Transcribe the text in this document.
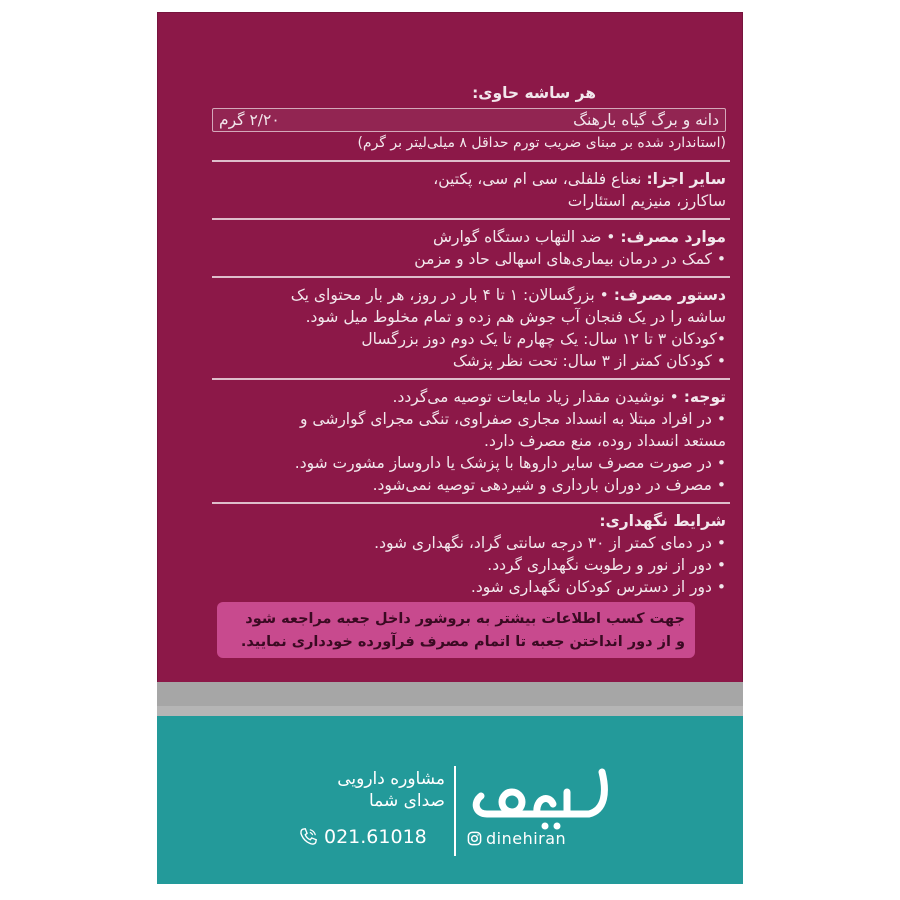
هر ساشه حاوی:
دانه و برگ گیاه بارهنگ
۲/۲۰ گرم
(استاندارد شده بر مبنای ضریب تورم حداقل ۸ میلی‌لیتر بر گرم)
سایر اجزا: نعناع فلفلی، سی ام سی، پکتین،
ساکارز، منیزیم استئارات
موارد مصرف: • ضد التهاب دستگاه گوارش
• کمک در درمان بیماری‌های اسهالی حاد و مزمن
دستور مصرف: • بزرگسالان: ۱ تا ۴ بار در روز، هر بار محتوای یک
ساشه را در یک فنجان آب جوش هم زده و تمام مخلوط میل شود.
•کودکان ۳ تا ۱۲ سال: یک چهارم تا یک دوم دوز بزرگسال
• کودکان کمتر از ۳ سال: تحت نظر پزشک
توجه: • نوشیدن مقدار زیاد مایعات توصیه می‌گردد.
• در افراد مبتلا به انسداد مجاری صفراوی، تنگی مجرای گوارشی و
مستعد انسداد روده، منع مصرف دارد.
• در صورت مصرف سایر داروها با پزشک یا داروساز مشورت شود.
• مصرف در دوران بارداری و شیردهی توصیه نمی‌شود.
شرایط نگهداری:
• در دمای کمتر از ۳۰ درجه سانتی گراد، نگهداری شود.
• دور از نور و رطوبت نگهداری گردد.
• دور از دسترس کودکان نگهداری شود.
جهت کسب اطلاعات بیشتر به بروشور داخل جعبه مراجعه شود
و از دور انداختن جعبه تا اتمام مصرف فرآورده خودداری نمایید.
دینه
dinehiran
مشاوره دارویی
صدای شما
021.61018
